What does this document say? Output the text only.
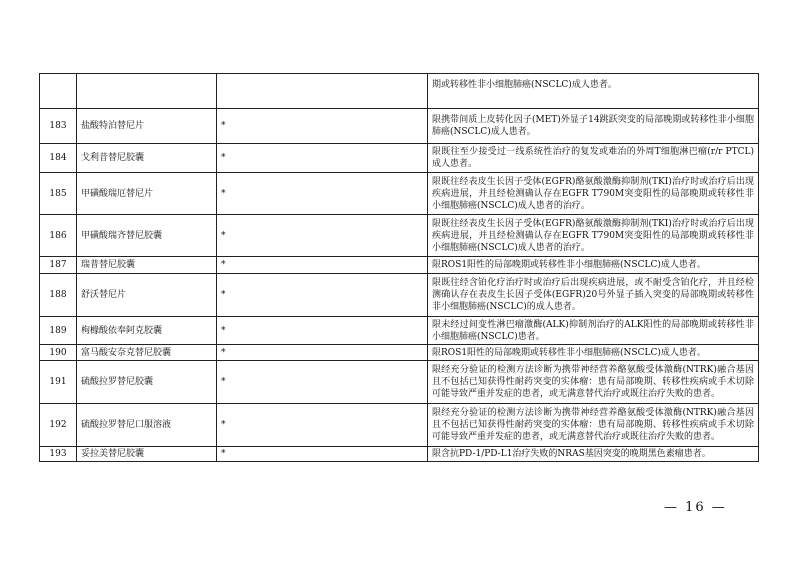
			期或转移性非小细胞肺癌(NSCLC)成人患者。
183	盐酸特泊替尼片	*	限携带间质上皮转化因子(MET)外显子14跳跃突变的局部晚期或转移性非小细胞肺癌(NSCLC)成人患者。
184	戈利昔替尼胶囊	*	限既往至少接受过一线系统性治疗的复发或难治的外周T细胞淋巴瘤(r/r PTCL)成人患者。
185	甲磺酸瑞厄替尼片	*	限既往经表皮生长因子受体(EGFR)酪氨酸激酶抑制剂(TKI)治疗时或治疗后出现疾病进展，并且经检测确认存在EGFR T790M突变阳性的局部晚期或转移性非小细胞肺癌(NSCLC)成人患者的治疗。
186	甲磺酸瑞齐替尼胶囊	*	限既往经表皮生长因子受体(EGFR)酪氨酸激酶抑制剂(TKI)治疗时或治疗后出现疾病进展，并且经检测确认存在EGFR T790M突变阳性的局部晚期或转移性非小细胞肺癌(NSCLC)成人患者的治疗。
187	瑞普替尼胶囊	*	限ROS1阳性的局部晚期或转移性非小细胞肺癌(NSCLC)成人患者。
188	舒沃替尼片	*	限既往经含铂化疗治疗时或治疗后出现疾病进展，或不耐受含铂化疗，并且经检测确认存在表皮生长因子受体(EGFR)20号外显子插入突变的局部晚期或转移性非小细胞肺癌(NSCLC)的成人患者。
189	枸橼酸依奉阿克胶囊	*	限未经过间变性淋巴瘤激酶(ALK)抑制剂治疗的ALK阳性的局部晚期或转移性非小细胞肺癌(NSCLC)患者。
190	富马酸安奈克替尼胶囊	*	限ROS1阳性的局部晚期或转移性非小细胞肺癌(NSCLC)成人患者。
191	硫酸拉罗替尼胶囊	*	限经充分验证的检测方法诊断为携带神经营养酪氨酸受体激酶(NTRK)融合基因且不包括已知获得性耐药突变的实体瘤：患有局部晚期、转移性疾病或手术切除可能导致严重并发症的患者，或无满意替代治疗或既往治疗失败的患者。
192	硫酸拉罗替尼口服溶液	*	限经充分验证的检测方法诊断为携带神经营养酪氨酸受体激酶(NTRK)融合基因且不包括已知获得性耐药突变的实体瘤：患有局部晚期、转移性疾病或手术切除可能导致严重并发症的患者，或无满意替代治疗或既往治疗失败的患者。
193	妥拉美替尼胶囊	*	限含抗PD-1/PD-L1治疗失败的NRAS基因突变的晚期黑色素瘤患者。
— 16 —
